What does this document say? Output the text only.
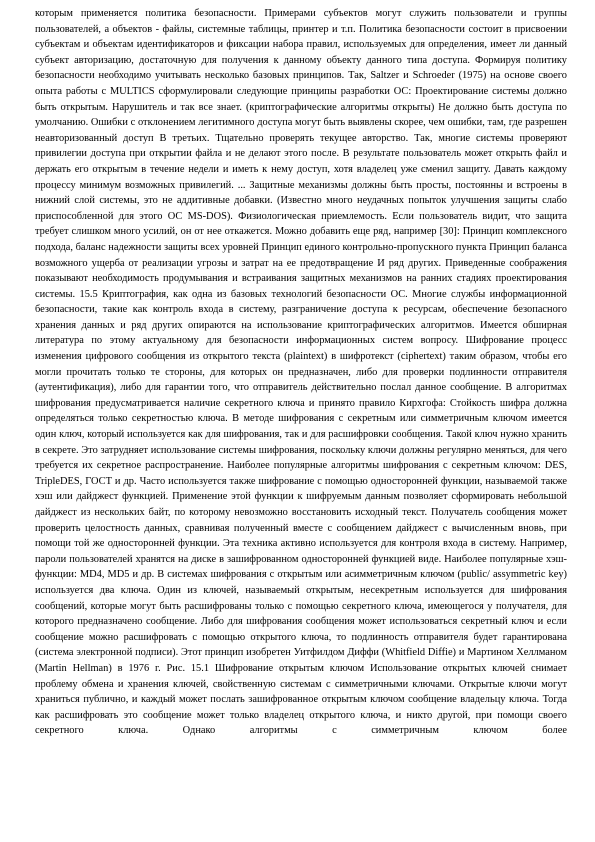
которым применяется политика безопасности. Примерами субъектов могут служить пользователи и группы пользователей, а объектов - файлы, системные таблицы, принтер и т.п. Политика безопасности состоит в присвоении субъектам и объектам идентификаторов и фиксации набора правил, используемых для определения, имеет ли данный субъект авторизацию, достаточную для получения к данному объекту данного типа доступа. Формируя политику безопасности необходимо учитывать несколько базовых принципов. Так, Saltzer и Schroeder (1975) на основе своего опыта работы с MULTICS сформулировали следующие принципы разработки ОС: Проектирование системы должно быть открытым. Нарушитель и так все знает. (криптографические алгоритмы открыты) Не должно быть доступа по умолчанию. Ошибки с отклонением легитимного доступа могут быть выявлены скорее, чем ошибки, там, где разрешен неавторизованный доступ В третьих. Тщательно проверять текущее авторство. Так, многие системы проверяют привилегии доступа при открытии файла и не делают этого после. В результате пользователь может открыть файл и держать его открытым в течение недели и иметь к нему доступ, хотя владелец уже сменил защиту. Давать каждому процессу минимум возможных привилегий. ... Защитные механизмы должны быть просты, постоянны и встроены в нижний слой системы, это не аддитивные добавки. (Известно много неудачных попыток улучшения защиты слабо приспособленной для этого ОС MS-DOS). Физиологическая приемлемость. Если пользователь видит, что защита требует слишком много усилий, он от нее откажется. Можно добавить еще ряд, например [30]: Принцип комплексного подхода, баланс надежности защиты всех уровней Принцип единого контрольно-пропускного пункта Принцип баланса возможного ущерба от реализации угрозы и затрат на ее предотвращение И ряд других. Приведенные соображения показывают необходимость продумывания и встраивания защитных механизмов на ранних стадиях проектирования системы. 15.5 Криптография, как одна из базовых технологий безопасности ОС. Многие службы информационной безопасности, такие как контроль входа в систему, разграничение доступа к ресурсам, обеспечение безопасного хранения данных и ряд других опираются на использование криптографических алгоритмов. Имеется обширная литература по этому актуальному для безопасности информационных систем вопросу. Шифрование процесс изменения цифрового сообщения из открытого текста (plaintext) в шифротекст (ciphertext) таким образом, чтобы его могли прочитать только те стороны, для которых он предназначен, либо для проверки подлинности отправителя (аутентификация), либо для гарантии того, что отправитель действительно послал данное сообщение. В алгоритмах шифрования предусматривается наличие секретного ключа и принято правило Кирхгофа: Стойкость шифра должна определяться только секретностью ключа. В методе шифрования с секретным или симметричным ключом имеется один ключ, который используется как для шифрования, так и для расшифровки сообщения. Такой ключ нужно хранить в секрете. Это затрудняет использование системы шифрования, поскольку ключи должны регулярно меняться, для чего требуется их секретное распространение. Наиболее популярные алгоритмы шифрования с секретным ключом: DES, TripleDES, ГОСТ и др. Часто используется также шифрование с помощью односторонней функции, называемой также хэш или дайджест функцией. Применение этой функции к шифруемым данным позволяет сформировать небольшой дайджест из нескольких байт, по которому невозможно восстановить исходный текст. Получатель сообщения может проверить целостность данных, сравнивая полученный вместе с сообщением дайджест с вычисленным вновь, при помощи той же односторонней функции. Эта техника активно используется для контроля входа в систему. Например, пароли пользователей хранятся на диске в зашифрованном односторонней функцией виде. Наиболее популярные хэш-функции: MD4, MD5 и др. В системах шифрования с открытым или асимметричным ключом (public/ assymmetric key) используется два ключа. Один из ключей, называемый открытым, несекретным используется для шифрования сообщений, которые могут быть расшифрованы только с помощью секретного ключа, имеющегося у получателя, для которого предназначено сообщение. Либо для шифрования сообщения может использоваться секретный ключ и если сообщение можно расшифровать с помощью открытого ключа, то подлинность отправителя будет гарантирована (система электронной подписи). Этот принцип изобретен Уитфилдом Диффи (Whitfield Diffie) и Мартином Хеллманом (Martin Hellman) в 1976 г. Рис. 15.1 Шифрование открытым ключом Использование открытых ключей снимает проблему обмена и хранения ключей, свойственную системам с симметричными ключами. Открытые ключи могут храниться публично, и каждый может послать зашифрованное открытым ключом сообщение владельцу ключа. Тогда как расшифровать это сообщение может только владелец открытого ключа, и никто другой, при помощи своего секретного ключа. Однако алгоритмы с симметричным ключом более
